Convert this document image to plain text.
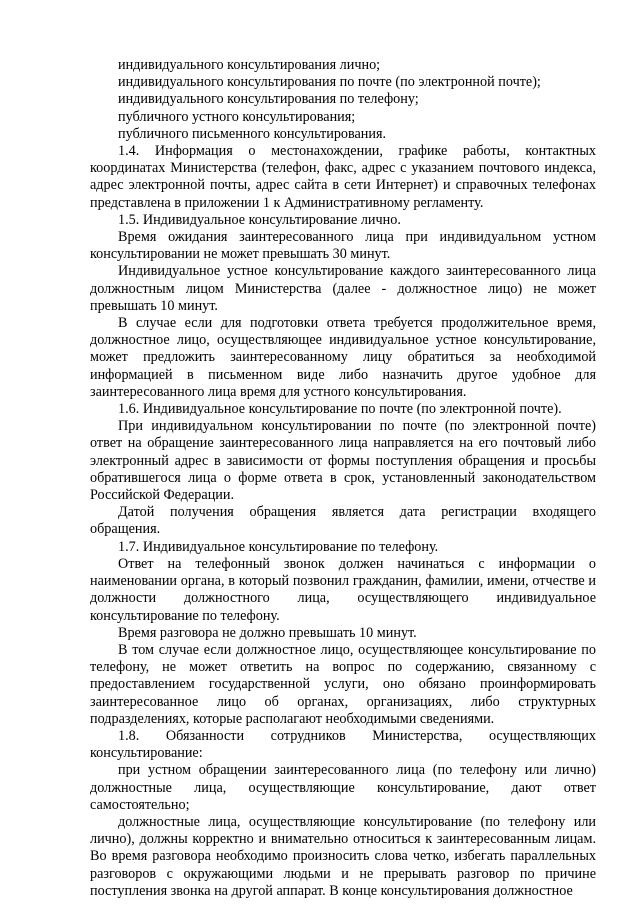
индивидуального консультирования лично;

индивидуального консультирования по почте (по электронной почте);

индивидуального консультирования по телефону;

публичного устного консультирования;

публичного письменного консультирования.

1.4. Информация о местонахождении, графике работы, контактных координатах Министерства (телефон, факс, адрес с указанием почтового индекса, адрес электронной почты, адрес сайта в сети Интернет) и справочных телефонах представлена в приложении 1 к Административному регламенту.

1.5. Индивидуальное консультирование лично.

Время ожидания заинтересованного лица при индивидуальном устном консультировании не может превышать 30 минут.

Индивидуальное устное консультирование каждого заинтересованного лица должностным лицом Министерства (далее - должностное лицо) не может превышать 10 минут.

В случае если для подготовки ответа требуется продолжительное время, должностное лицо, осуществляющее индивидуальное устное консультирование, может предложить заинтересованному лицу обратиться за необходимой информацией в письменном виде либо назначить другое удобное для заинтересованного лица время для устного консультирования.

1.6. Индивидуальное консультирование по почте (по электронной почте).

При индивидуальном консультировании по почте (по электронной почте) ответ на обращение заинтересованного лица направляется на его почтовый либо электронный адрес в зависимости от формы поступления обращения и просьбы обратившегося лица о форме ответа в срок, установленный законодательством Российской Федерации.

Датой получения обращения является дата регистрации входящего обращения.

1.7. Индивидуальное консультирование по телефону.

Ответ на телефонный звонок должен начинаться с информации о наименовании органа, в который позвонил гражданин, фамилии, имени, отчестве и должности должностного лица, осуществляющего индивидуальное консультирование по телефону.

Время разговора не должно превышать 10 минут.

В том случае если должностное лицо, осуществляющее консультирование по телефону, не может ответить на вопрос по содержанию, связанному с предоставлением государственной услуги, оно обязано проинформировать заинтересованное лицо об органах, организациях, либо структурных подразделениях, которые располагают необходимыми сведениями.

1.8. Обязанности сотрудников Министерства, осуществляющих консультирование:

при устном обращении заинтересованного лица (по телефону или лично) должностные лица, осуществляющие консультирование, дают ответ самостоятельно;

должностные лица, осуществляющие консультирование (по телефону или лично), должны корректно и внимательно относиться к заинтересованным лицам. Во время разговора необходимо произносить слова четко, избегать параллельных разговоров с окружающими людьми и не прерывать разговор по причине поступления звонка на другой аппарат. В конце консультирования должностное
